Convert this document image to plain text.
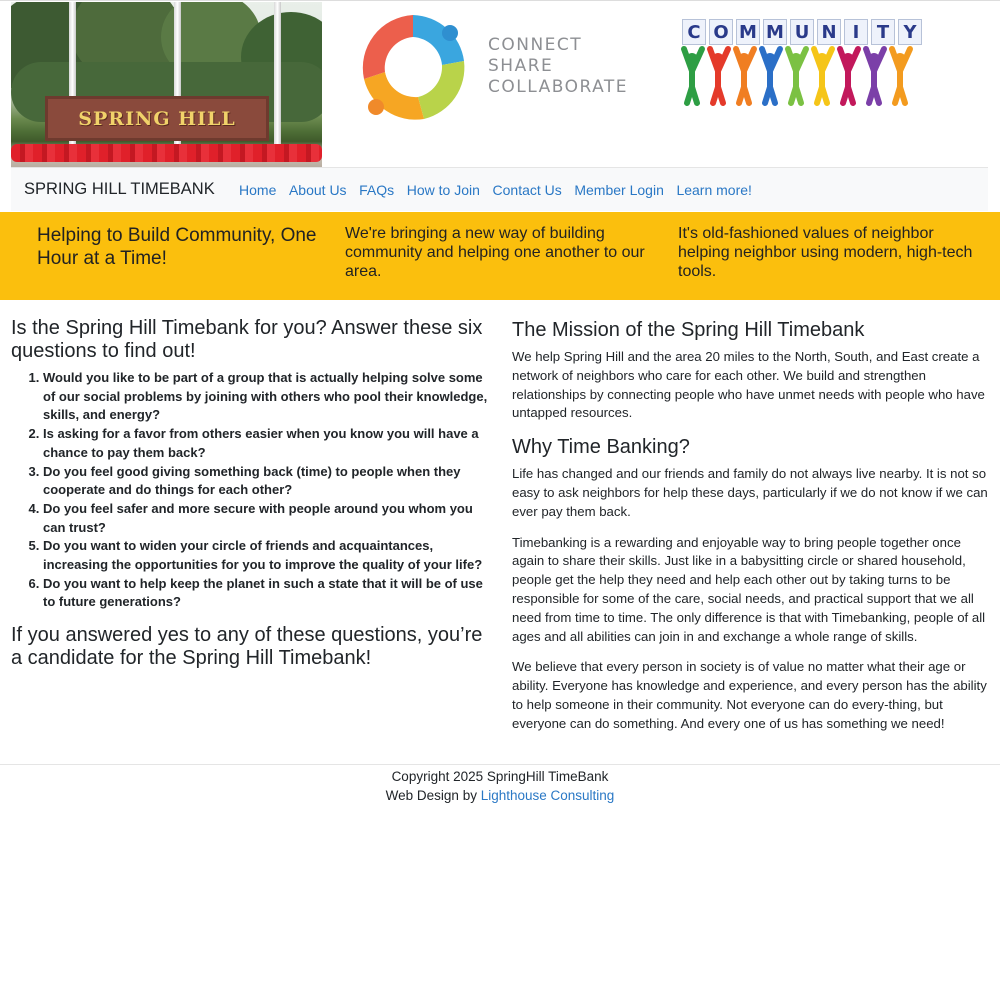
SPRING HILL
CONNECT
SHARE
COLLABORATE
C O M M U N I T Y
SPRING HILL TIMEBANK	Home About Us FAQs How to Join Contact Us Member Login Learn more!
Helping to Build Community, One Hour at a Time!
We're bringing a new way of building community and helping one another to our area.
It's old-fashioned values of neighbor helping neighbor using modern, high-tech tools.
Is the Spring Hill Timebank for you? Answer these six questions to find out!
1. Would you like to be part of a group that is actually helping solve some of our social problems by joining with others who pool their knowledge, skills, and energy?
2. Is asking for a favor from others easier when you know you will have a chance to pay them back?
3. Do you feel good giving something back (time) to people when they cooperate and do things for each other?
4. Do you feel safer and more secure with people around you whom you can trust?
5. Do you want to widen your circle of friends and acquaintances, increasing the opportunities for you to improve the quality of your life?
6. Do you want to help keep the planet in such a state that it will be of use to future generations?
If you answered yes to any of these questions, you’re a candidate for the Spring Hill Timebank!
The Mission of the Spring Hill Timebank

We help Spring Hill and the area 20 miles to the North, South, and East create a network of neighbors who care for each other. We build and strengthen relationships by connecting people who have unmet needs with people who have untapped resources.

Why Time Banking?

Life has changed and our friends and family do not always live nearby. It is not so easy to ask neighbors for help these days, particularly if we do not know if we can ever pay them back.

Timebanking is a rewarding and enjoyable way to bring people together once again to share their skills. Just like in a babysitting circle or shared household, people get the help they need and help each other out by taking turns to be responsible for some of the care, social needs, and practical support that we all need from time to time. The only difference is that with Timebanking, people of all ages and all abilities can join in and exchange a whole range of skills.

We believe that every person in society is of value no matter what their age or ability. Everyone has knowledge and experience, and every person has the ability to help someone in their community. Not everyone can do every-thing, but everyone can do something. And every one of us has something we need!

Copyright 2025 SpringHill TimeBank
Web Design by Lighthouse Consulting
